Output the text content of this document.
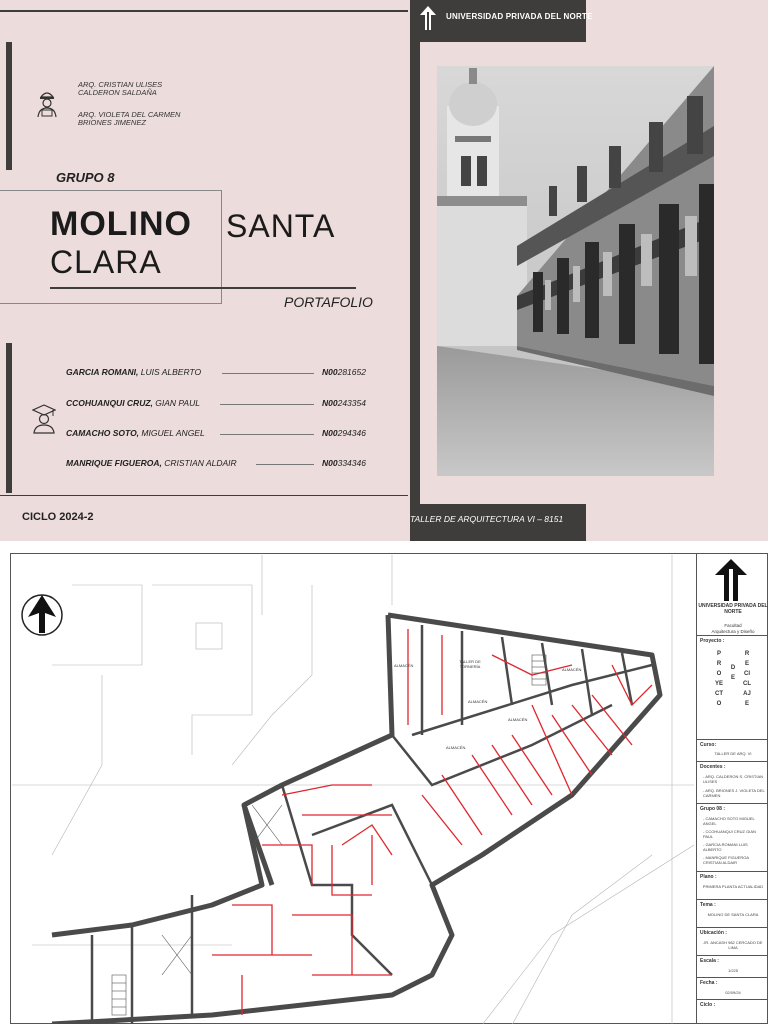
UNIVERSIDAD PRIVADA DEL NORTE
ARQ. CRISTIAN ULISES
CALDERON SALDAÑA
ARQ. VIOLETA DEL CARMEN
BRIONES JIMENEZ
GRUPO 8
MOLINO SANTA
CLARA
PORTAFOLIO
GARCIA ROMANI, LUIS ALBERTO	N00281652
CCOHUANQUI CRUZ, GIAN PAUL	N00243354
CAMACHO SOTO, MIGUEL ANGEL	N00294346
MANRIQUE FIGUEROA, CRISTIAN ALDAIR	N00334346
CICLO 2024-2	TALLER DE ARQUITECTURA VI – 8151
ALMACÉN
TALLER DE TORNERÍA
ALMACÉN
ALMACÉN
ALMACÉN
ALMACÉN
UNIVERSIDAD PRIVADA DEL NORTE
Facultad
Arquitectura y Diseño
Proyecto :
PROYECTO
DE
RECICLAJE
Curso:
TALLER DE ARQ. VI
Docentes :
- ARQ. CALDERON S. CRISTIAN ULISES
- ARQ. BRIONES J. VIOLETA DEL CARMEN
Grupo 08 :
- CAMACHO SOTO MIGUEL ANGEL
- CCOHUANQUI CRUZ GIAN PAUL
- GARCIA ROMANI LUIS ALBERTO
- MANRIQUE FIGUEROA CRISTIAN ALDAIR
Plano :
PRIMERA PLANTA ACTUALIDAD
Tema :
MOLINO DE SANTA CLARA
Ubicación :
JR. ANCASH 982 CERCADO DE LIMA
Escala :
1/225
Fecha :
02/09/24
Ciclo :
